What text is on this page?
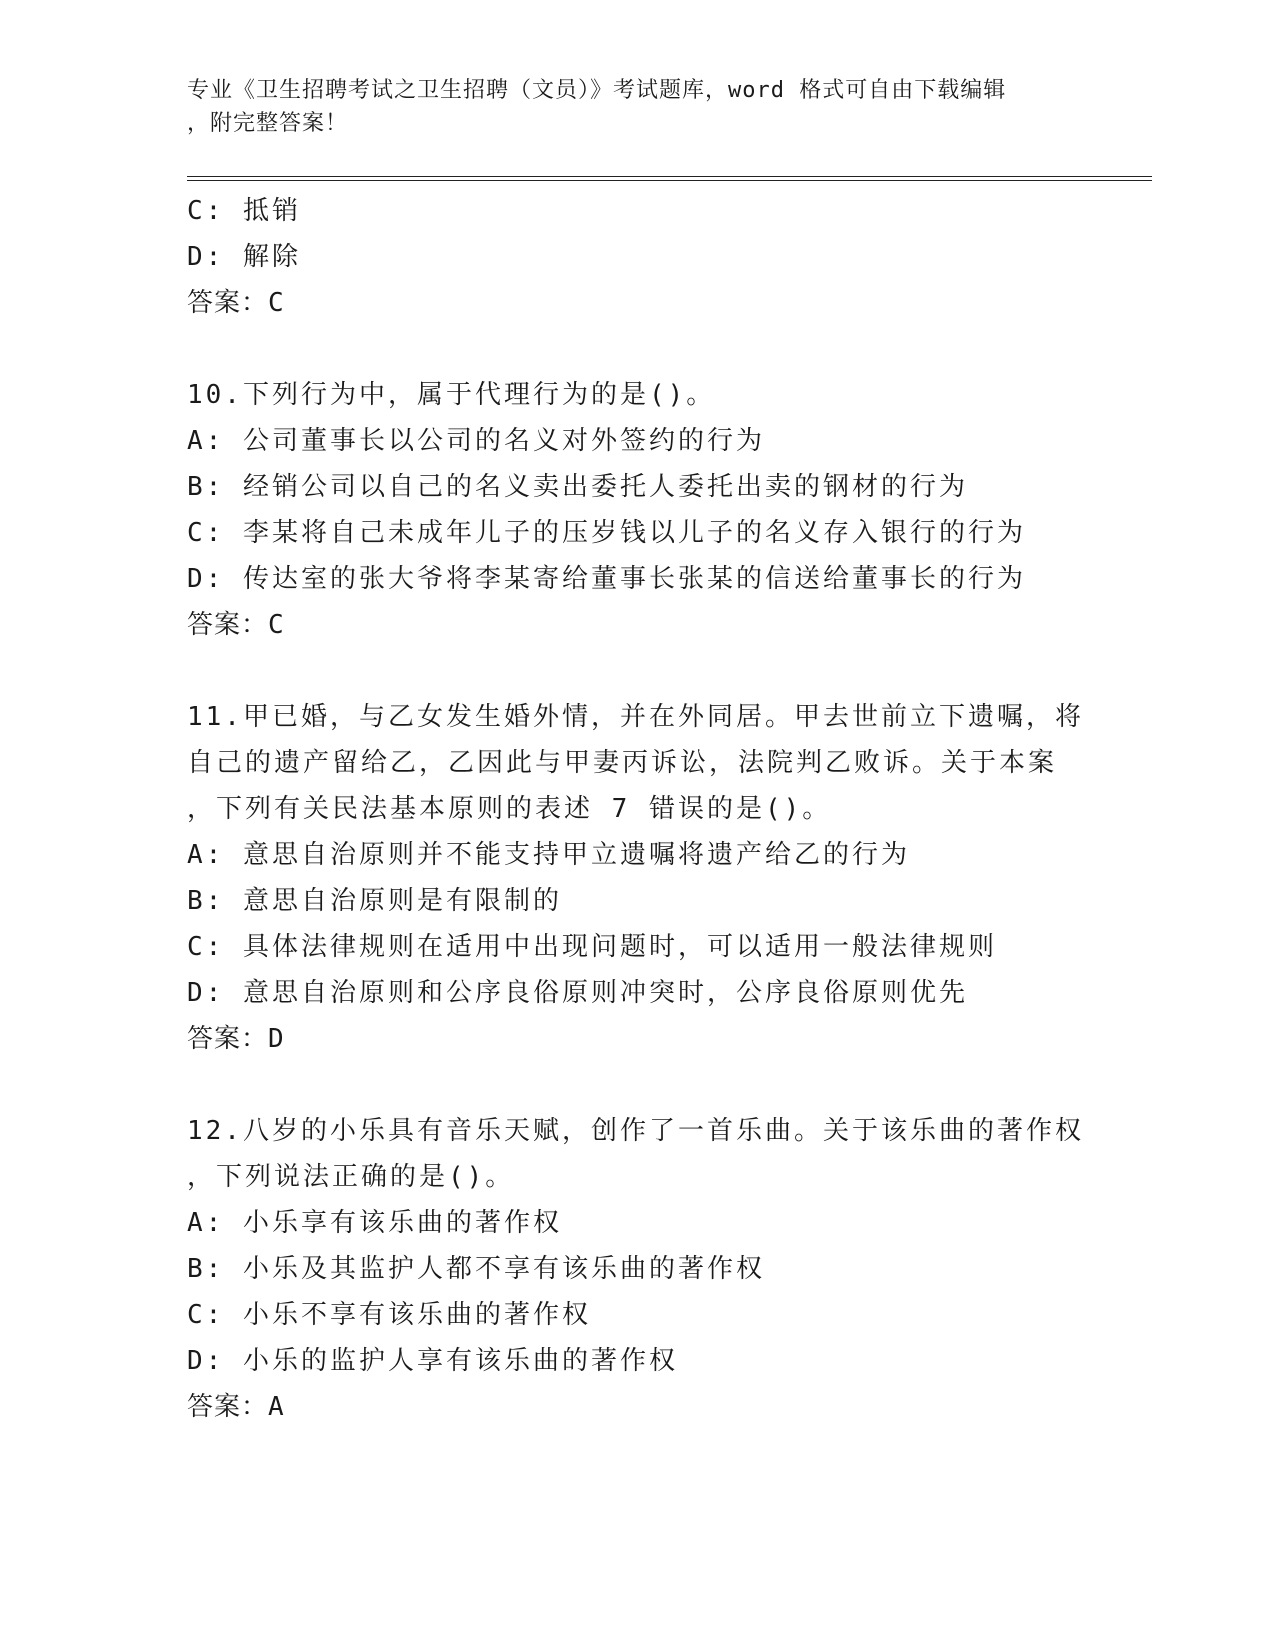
专业《卫生招聘考试之卫生招聘（文员）》考试题库，word 格式可自由下载编辑
，附完整答案！
C: 抵销
D: 解除
答案：C
10.下列行为中，属于代理行为的是()。
A: 公司董事长以公司的名义对外签约的行为
B: 经销公司以自己的名义卖出委托人委托出卖的钢材的行为
C: 李某将自己未成年儿子的压岁钱以儿子的名义存入银行的行为
D: 传达室的张大爷将李某寄给董事长张某的信送给董事长的行为
答案：C
11.甲已婚，与乙女发生婚外情，并在外同居。甲去世前立下遗嘱，将
自己的遗产留给乙，乙因此与甲妻丙诉讼，法院判乙败诉。关于本案
，下列有关民法基本原则的表述 7 错误的是()。
A: 意思自治原则并不能支持甲立遗嘱将遗产给乙的行为
B: 意思自治原则是有限制的
C: 具体法律规则在适用中出现问题时，可以适用一般法律规则
D: 意思自治原则和公序良俗原则冲突时，公序良俗原则优先
答案：D
12.八岁的小乐具有音乐天赋，创作了一首乐曲。关于该乐曲的著作权
，下列说法正确的是()。
A: 小乐享有该乐曲的著作权
B: 小乐及其监护人都不享有该乐曲的著作权
C: 小乐不享有该乐曲的著作权
D: 小乐的监护人享有该乐曲的著作权
答案：A
